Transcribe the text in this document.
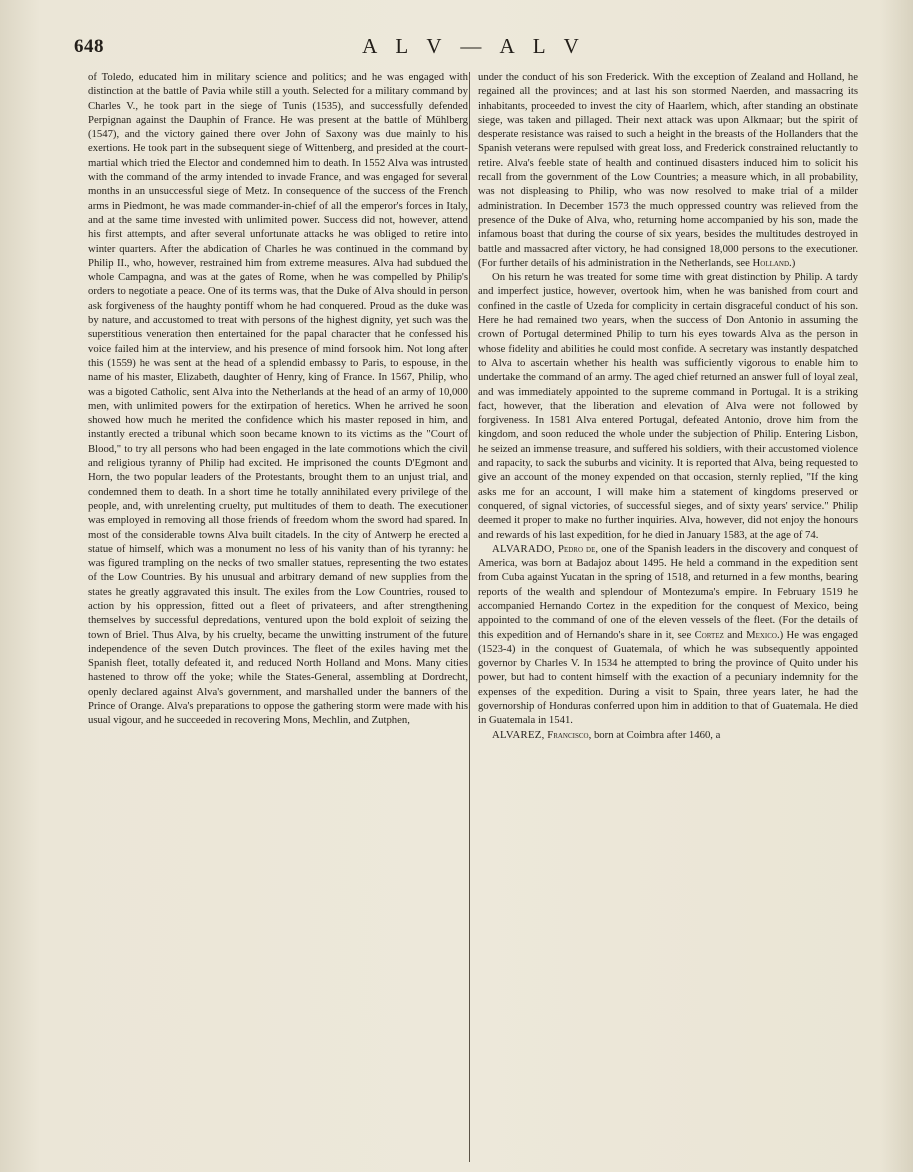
648	A L V — A L V

of Toledo, educated him in military science and politics; and he was engaged with distinction at the battle of Pavia while still a youth. Selected for a military command by Charles V., he took part in the siege of Tunis (1535), and successfully defended Perpignan against the Dauphin of France. He was present at the battle of Mühlberg (1547), and the victory gained there over John of Saxony was due mainly to his exertions. He took part in the subsequent siege of Wittenberg, and presided at the court-martial which tried the Elector and condemned him to death. In 1552 Alva was intrusted with the command of the army intended to invade France, and was engaged for several months in an unsuccessful siege of Metz. In consequence of the success of the French arms in Piedmont, he was made commander-in-chief of all the emperor's forces in Italy, and at the same time invested with unlimited power. Success did not, however, attend his first attempts, and after several unfortunate attacks he was obliged to retire into winter quarters. After the abdication of Charles he was continued in the command by Philip II., who, however, restrained him from extreme measures. Alva had subdued the whole Campagna, and was at the gates of Rome, when he was compelled by Philip's orders to negotiate a peace. One of its terms was, that the Duke of Alva should in person ask forgiveness of the haughty pontiff whom he had conquered. Proud as the duke was by nature, and accustomed to treat with persons of the highest dignity, yet such was the superstitious veneration then entertained for the papal character that he confessed his voice failed him at the interview, and his presence of mind forsook him. Not long after this (1559) he was sent at the head of a splendid embassy to Paris, to espouse, in the name of his master, Elizabeth, daughter of Henry, king of France. In 1567, Philip, who was a bigoted Catholic, sent Alva into the Netherlands at the head of an army of 10,000 men, with unlimited powers for the extirpation of heretics. When he arrived he soon showed how much he merited the confidence which his master reposed in him, and instantly erected a tribunal which soon became known to its victims as the "Court of Blood," to try all persons who had been engaged in the late commotions which the civil and religious tyranny of Philip had excited. He imprisoned the counts D'Egmont and Horn, the two popular leaders of the Protestants, brought them to an unjust trial, and condemned them to death. In a short time he totally annihilated every privilege of the people, and, with unrelenting cruelty, put multitudes of them to death. The executioner was employed in removing all those friends of freedom whom the sword had spared. In most of the considerable towns Alva built citadels. In the city of Antwerp he erected a statue of himself, which was a monument no less of his vanity than of his tyranny: he was figured trampling on the necks of two smaller statues, representing the two estates of the Low Countries. By his unusual and arbitrary demand of new supplies from the states he greatly aggravated this insult. The exiles from the Low Countries, roused to action by his oppression, fitted out a fleet of privateers, and after strengthening themselves by successful depredations, ventured upon the bold exploit of seizing the town of Briel. Thus Alva, by his cruelty, became the unwitting instrument of the future independence of the seven Dutch provinces. The fleet of the exiles having met the Spanish fleet, totally defeated it, and reduced North Holland and Mons. Many cities hastened to throw off the yoke; while the States-General, assembling at Dordrecht, openly declared against Alva's government, and marshalled under the banners of the Prince of Orange. Alva's preparations to oppose the gathering storm were made with his usual vigour, and he succeeded in recovering Mons, Mechlin, and Zutphen,

under the conduct of his son Frederick. With the exception of Zealand and Holland, he regained all the provinces; and at last his son stormed Naerden, and massacring its inhabitants, proceeded to invest the city of Haarlem, which, after standing an obstinate siege, was taken and pillaged. Their next attack was upon Alkmaar; but the spirit of desperate resistance was raised to such a height in the breasts of the Hollanders that the Spanish veterans were repulsed with great loss, and Frederick constrained reluctantly to retire. Alva's feeble state of health and continued disasters induced him to solicit his recall from the government of the Low Countries; a measure which, in all probability, was not displeasing to Philip, who was now resolved to make trial of a milder administration. In December 1573 the much oppressed country was relieved from the presence of the Duke of Alva, who, returning home accompanied by his son, made the infamous boast that during the course of six years, besides the multitudes destroyed in battle and massacred after victory, he had consigned 18,000 persons to the executioner. (For further details of his administration in the Netherlands, see Holland.)

On his return he was treated for some time with great distinction by Philip. A tardy and imperfect justice, however, overtook him, when he was banished from court and confined in the castle of Uzeda for complicity in certain disgraceful conduct of his son. Here he had remained two years, when the success of Don Antonio in assuming the crown of Portugal determined Philip to turn his eyes towards Alva as the person in whose fidelity and abilities he could most confide. A secretary was instantly despatched to Alva to ascertain whether his health was sufficiently vigorous to enable him to undertake the command of an army. The aged chief returned an answer full of loyal zeal, and was immediately appointed to the supreme command in Portugal. It is a striking fact, however, that the liberation and elevation of Alva were not followed by forgiveness. In 1581 Alva entered Portugal, defeated Antonio, drove him from the kingdom, and soon reduced the whole under the subjection of Philip. Entering Lisbon, he seized an immense treasure, and suffered his soldiers, with their accustomed violence and rapacity, to sack the suburbs and vicinity. It is reported that Alva, being requested to give an account of the money expended on that occasion, sternly replied, "If the king asks me for an account, I will make him a statement of kingdoms preserved or conquered, of signal victories, of successful sieges, and of sixty years' service." Philip deemed it proper to make no further inquiries. Alva, however, did not enjoy the honours and rewards of his last expedition, for he died in January 1583, at the age of 74.

ALVARADO, Pedro de, one of the Spanish leaders in the discovery and conquest of America, was born at Badajoz about 1495. He held a command in the expedition sent from Cuba against Yucatan in the spring of 1518, and returned in a few months, bearing reports of the wealth and splendour of Montezuma's empire. In February 1519 he accompanied Hernando Cortez in the expedition for the conquest of Mexico, being appointed to the command of one of the eleven vessels of the fleet. (For the details of this expedition and of Hernando's share in it, see Cortez and Mexico.) He was engaged (1523-4) in the conquest of Guatemala, of which he was subsequently appointed governor by Charles V. In 1534 he attempted to bring the province of Quito under his power, but had to content himself with the exaction of a pecuniary indemnity for the expenses of the expedition. During a visit to Spain, three years later, he had the governorship of Honduras conferred upon him in addition to that of Guatemala. He died in Guatemala in 1541.

ALVAREZ, Francisco, born at Coimbra after 1460, a
